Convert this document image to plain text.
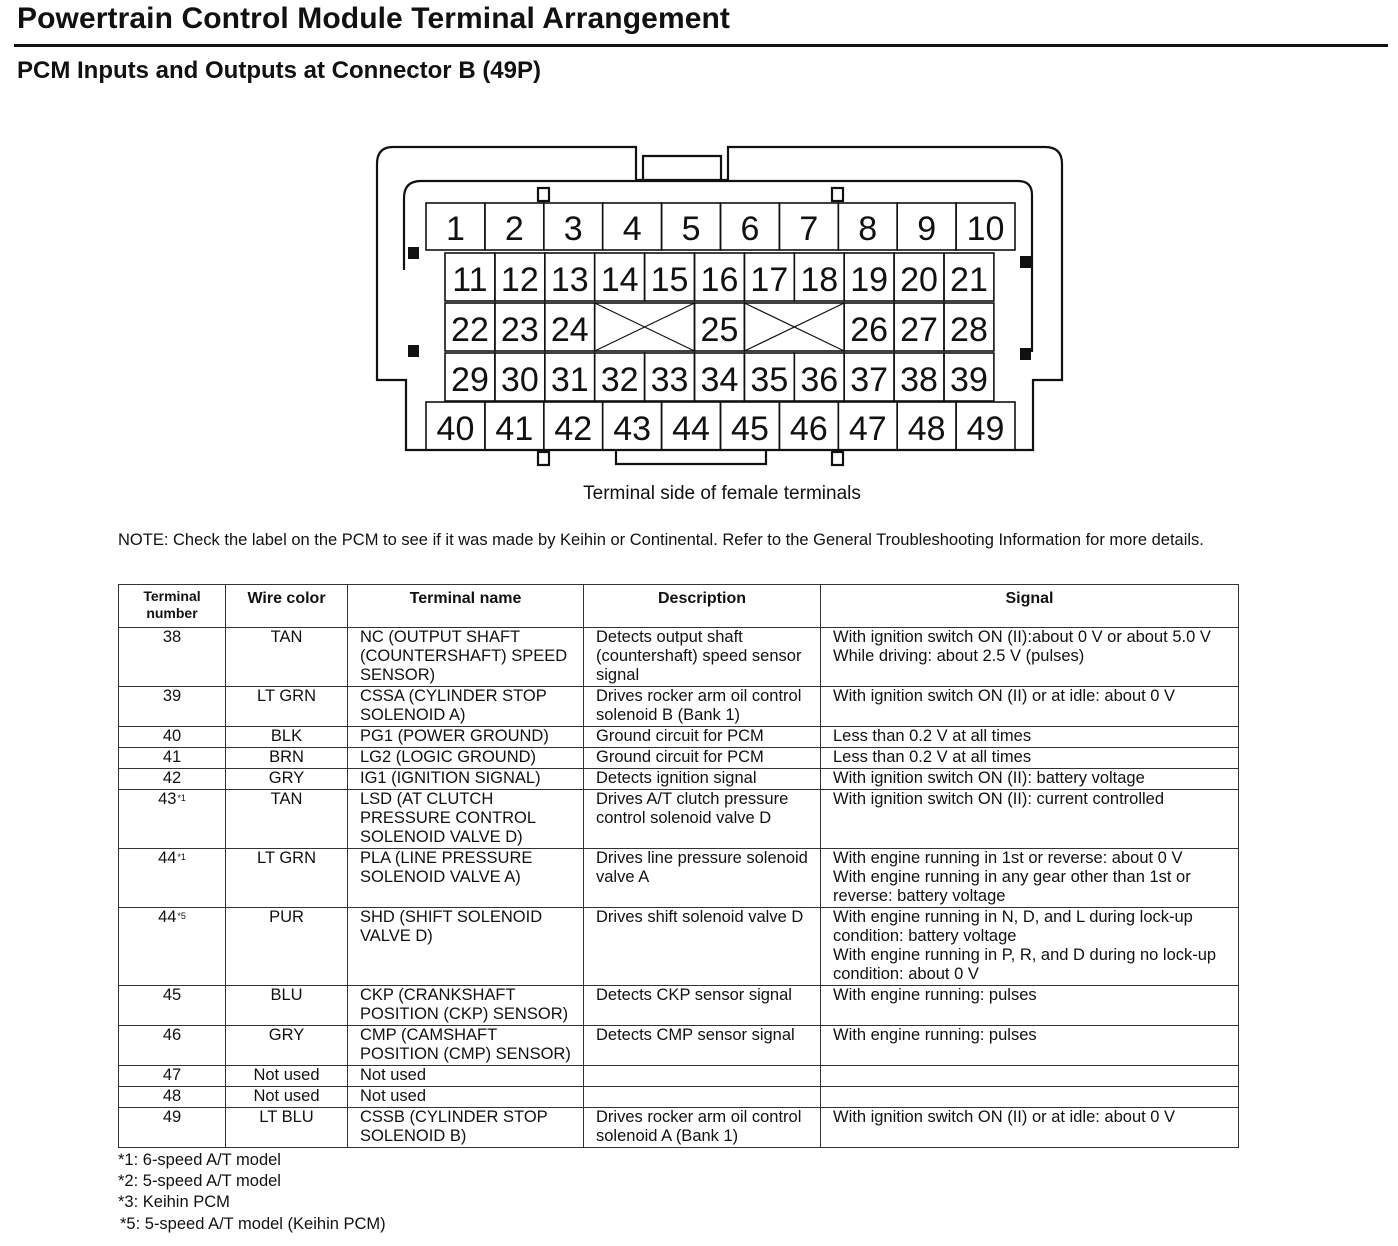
Powertrain Control Module Terminal Arrangement
PCM Inputs and Outputs at Connector B (49P)
1 2 3 4 5 6 7 8 9 10
11 12 13 14 15 16 17 18 19 20 21
22 23 24	25	26 27 28
29 30 31 32 33 34 35 36 37 38 39
40 41 42 43 44 45 46 47 48 49
Terminal side of female terminals
NOTE: Check the label on the PCM to see if it was made by Keihin or Continental. Refer to the General Troubleshooting Information for more details.
Terminal
number	Wire color	Terminal name	Description	Signal
38	TAN	NC (OUTPUT SHAFT (COUNTERSHAFT) SPEED SENSOR)	Detects output shaft (countershaft) speed sensor signal	With ignition switch ON (II):about 0 V or about 5.0 V
While driving: about 2.5 V (pulses)
39	LT GRN	CSSA (CYLINDER STOP SOLENOID A)	Drives rocker arm oil control solenoid B (Bank 1)	With ignition switch ON (II) or at idle: about 0 V
40	BLK	PG1 (POWER GROUND)	Ground circuit for PCM	Less than 0.2 V at all times
41	BRN	LG2 (LOGIC GROUND)	Ground circuit for PCM	Less than 0.2 V at all times
42	GRY	IG1 (IGNITION SIGNAL)	Detects ignition signal	With ignition switch ON (II): battery voltage
43$^{*1}$	TAN	LSD (AT CLUTCH PRESSURE CONTROL SOLENOID VALVE D)	Drives A/T clutch pressure control solenoid valve D	With ignition switch ON (II): current controlled
44$^{*1}$	LT GRN	PLA (LINE PRESSURE SOLENOID VALVE A)	Drives line pressure solenoid valve A	With engine running in 1st or reverse: about 0 V
With engine running in any gear other than 1st or reverse: battery voltage
44$^{*5}$	PUR	SHD (SHIFT SOLENOID VALVE D)	Drives shift solenoid valve D	With engine running in N, D, and L during lock-up condition: battery voltage
With engine running in P, R, and D during no lock-up condition: about 0 V
45	BLU	CKP (CRANKSHAFT POSITION (CKP) SENSOR)	Detects CKP sensor signal	With engine running: pulses
46	GRY	CMP (CAMSHAFT POSITION (CMP) SENSOR)	Detects CMP sensor signal	With engine running: pulses
47	Not used	Not used		
48	Not used	Not used		
49	LT BLU	CSSB (CYLINDER STOP SOLENOID B)	Drives rocker arm oil control solenoid A (Bank 1)	With ignition switch ON (II) or at idle: about 0 V
*1: 6-speed A/T model
*2: 5-speed A/T model
*3: Keihin PCM
*5: 5-speed A/T model (Keihin PCM)
